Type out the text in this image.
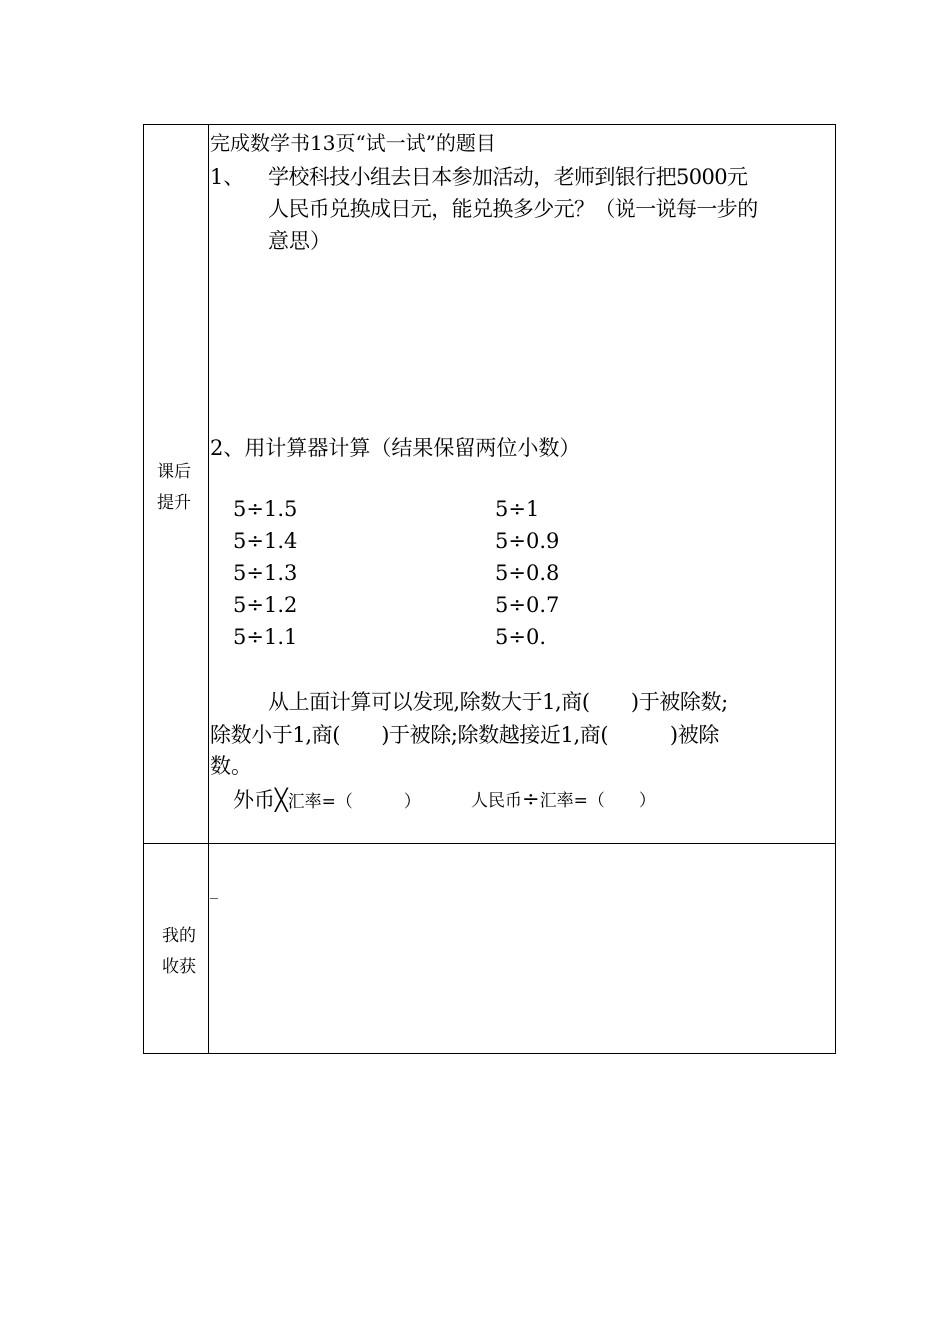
课后
提升
完成数学书13页“试一试”的题目
1、 学校科技小组去日本参加活动，老师到银行把5000元
人民币兑换成日元，能兑换多少元？（说一说每一步的
意思）
2、用计算器计算（结果保留两位小数）
5÷1.5
5÷1.4
5÷1.3
5÷1.2
5÷1.1
5÷1
5÷0.9
5÷0.8
5÷0.7
5÷0.
从上面计算可以发现,除数大于1,商(　　)于被除数;
除数小于1,商(　　)于被除;除数越接近1,商(　　　)被除
数。
外币╳汇率=（　　　）	人民币÷汇率=（　　）
我的
收获
_
